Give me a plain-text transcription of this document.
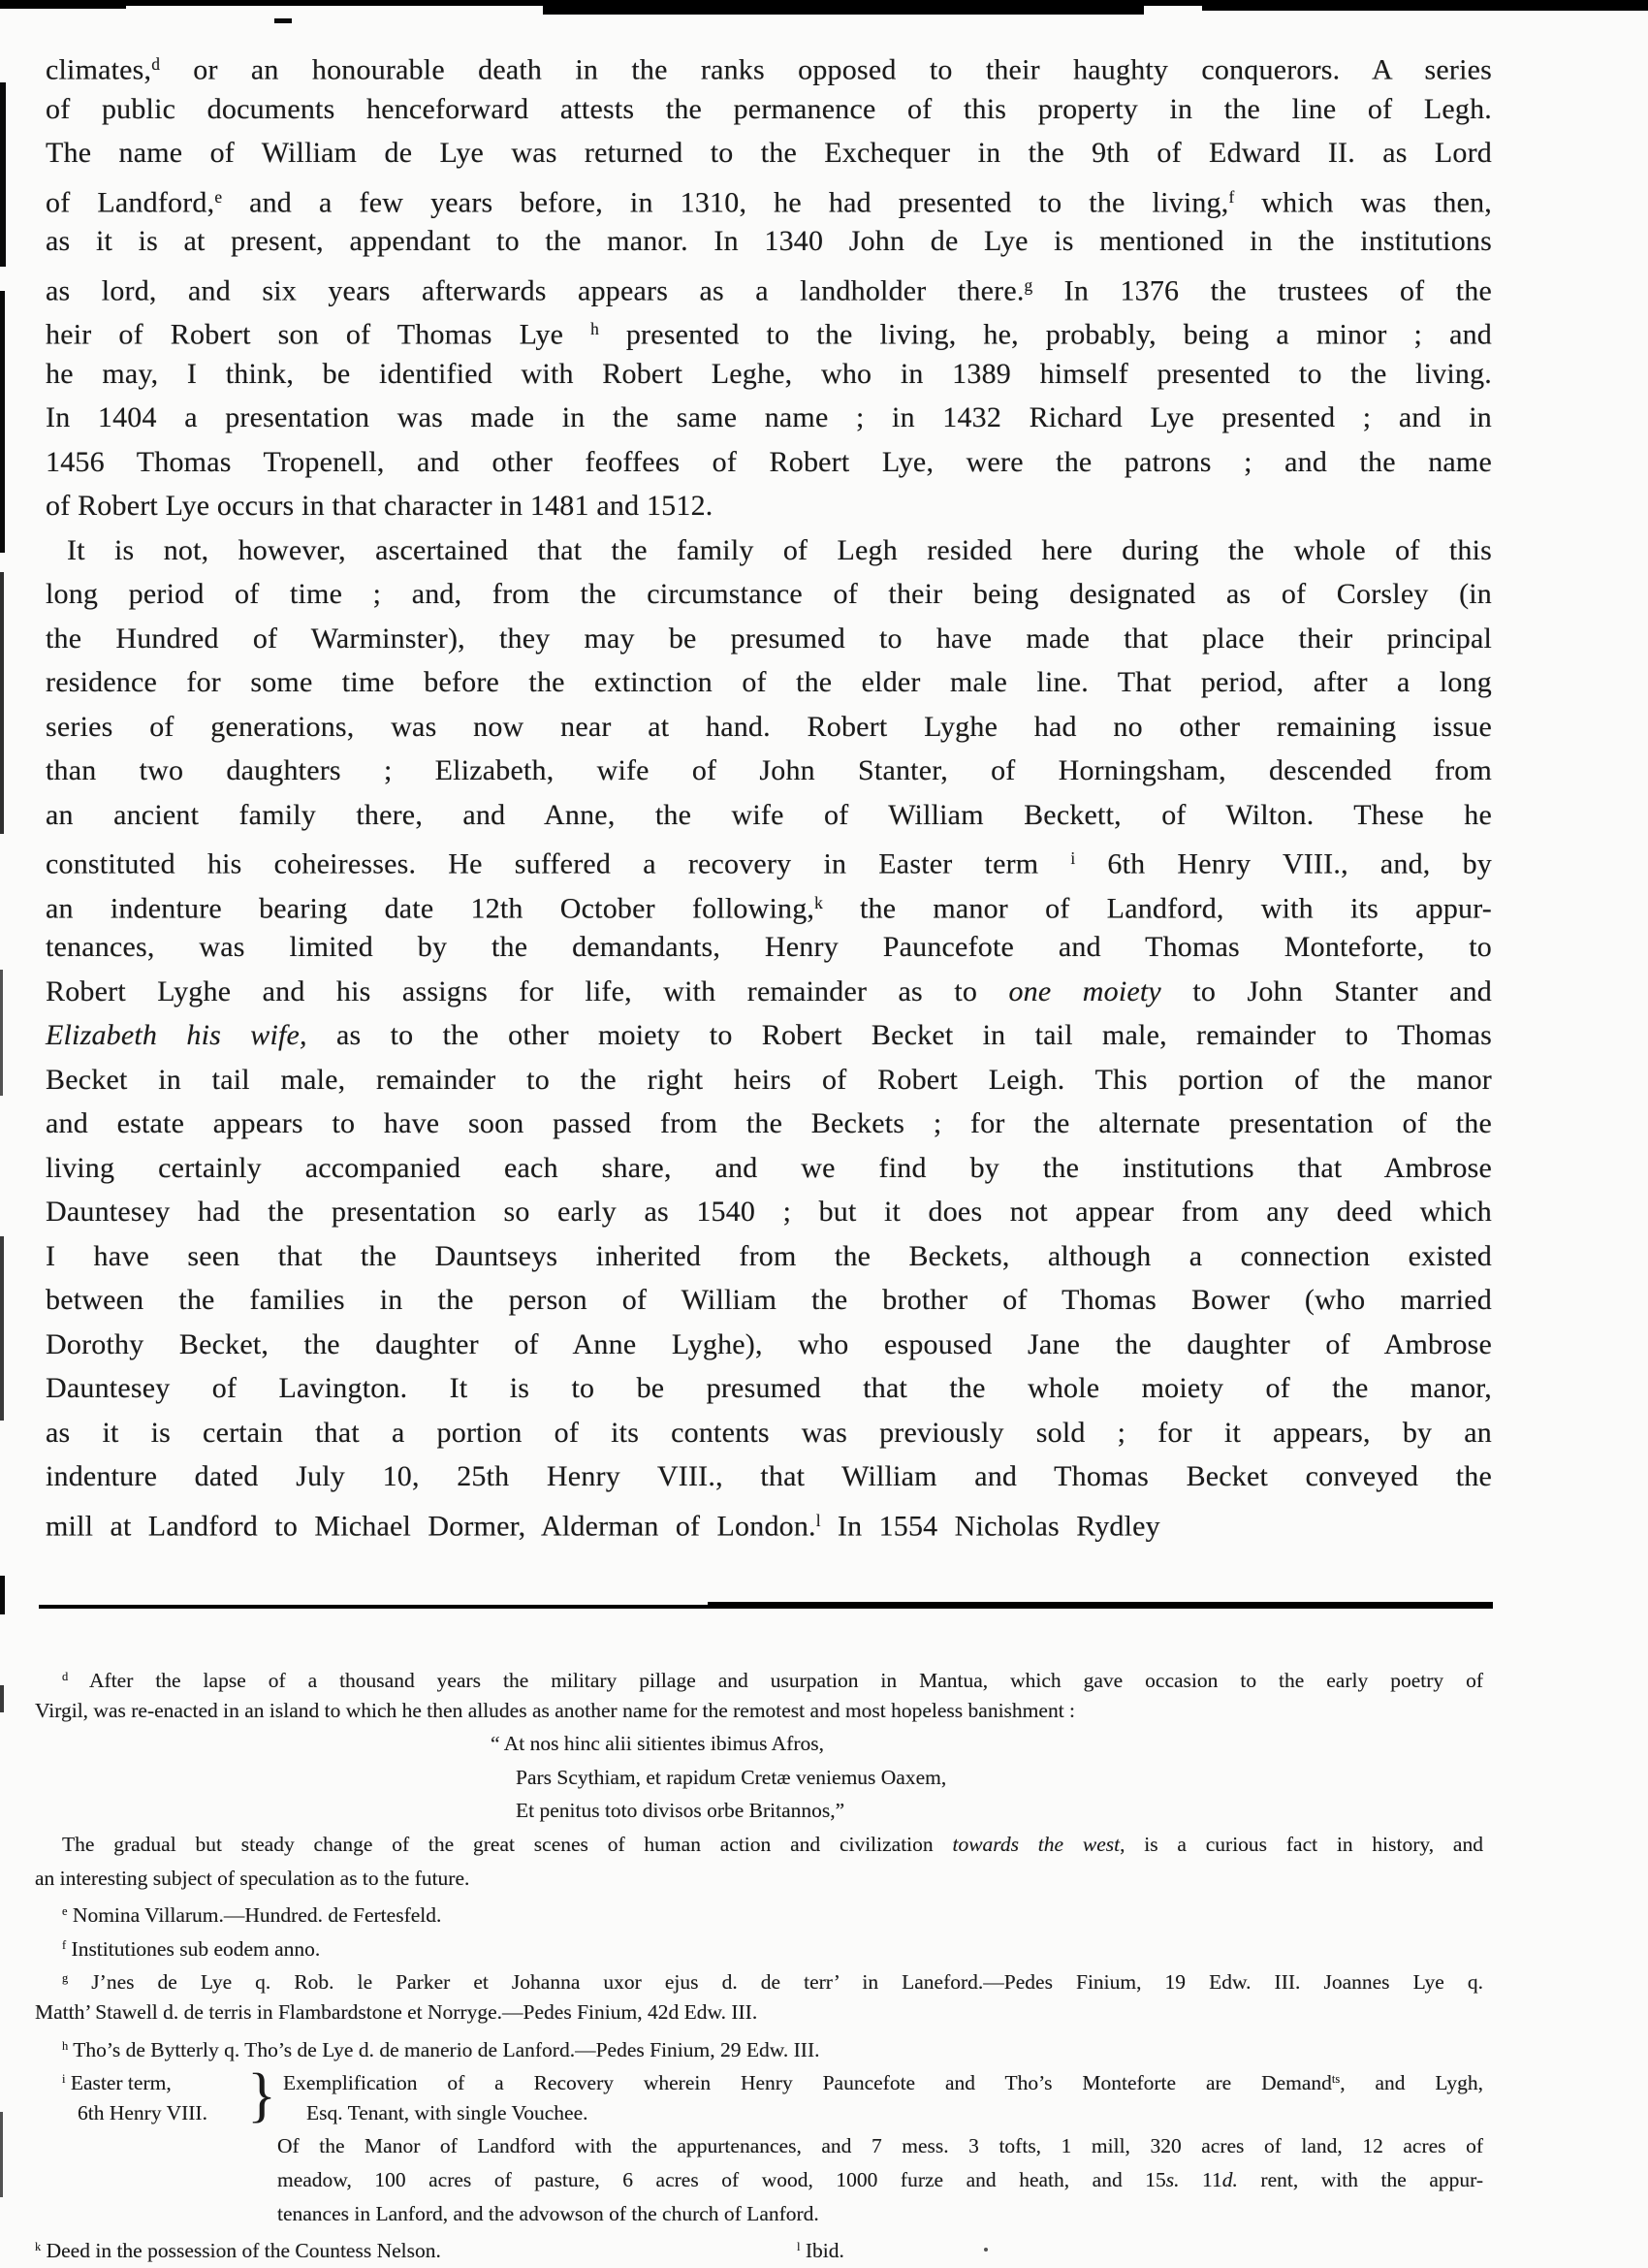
climates,$^d$ or an honourable death in the ranks opposed to their haughty conquerors. A series
of public documents henceforward attests the permanence of this property in the line of Legh.
The name of William de Lye was returned to the Exchequer in the 9th of Edward II. as Lord
of Landford,$^e$ and a few years before, in 1310, he had presented to the living,$^f$ which was then,
as it is at present, appendant to the manor. In 1340 John de Lye is mentioned in the institutions
as lord, and six years afterwards appears as a landholder there.$^g$ In 1376 the trustees of the
heir of Robert son of Thomas Lye $^h$ presented to the living, he, probably, being a minor ; and
he may, I think, be identified with Robert Leghe, who in 1389 himself presented to the living.
In 1404 a presentation was made in the same name ; in 1432 Richard Lye presented ; and in
1456 Thomas Tropenell, and other feoffees of Robert Lye, were the patrons ; and the name
of Robert Lye occurs in that character in 1481 and 1512.
It is not, however, ascertained that the family of Legh resided here during the whole of this
long period of time ; and, from the circumstance of their being designated as of Corsley (in
the Hundred of Warminster), they may be presumed to have made that place their principal
residence for some time before the extinction of the elder male line. That period, after a long
series of generations, was now near at hand. Robert Lyghe had no other remaining issue
than two daughters ; Elizabeth, wife of John Stanter, of Horningsham, descended from
an ancient family there, and Anne, the wife of William Beckett, of Wilton. These he
constituted his coheiresses. He suffered a recovery in Easter term $^i$ 6th Henry VIII., and, by
an indenture bearing date 12th October following,$^k$ the manor of Landford, with its appur-
tenances, was limited by the demandants, Henry Pauncefote and Thomas Monteforte, to
Robert Lyghe and his assigns for life, with remainder as to one moiety to John Stanter and
Elizabeth his wife, as to the other moiety to Robert Becket in tail male, remainder to Thomas
Becket in tail male, remainder to the right heirs of Robert Leigh. This portion of the manor
and estate appears to have soon passed from the Beckets ; for the alternate presentation of the
living certainly accompanied each share, and we find by the institutions that Ambrose
Dauntesey had the presentation so early as 1540 ; but it does not appear from any deed which
I have seen that the Dauntseys inherited from the Beckets, although a connection existed
between the families in the person of William the brother of Thomas Bower (who married
Dorothy Becket, the daughter of Anne Lyghe), who espoused Jane the daughter of Ambrose
Dauntesey of Lavington. It is to be presumed that the whole moiety of the manor,
as it is certain that a portion of its contents was previously sold ; for it appears, by an
indenture dated July 10, 25th Henry VIII., that William and Thomas Becket conveyed the
mill at Landford to Michael Dormer, Alderman of London.$^l$ In 1554 Nicholas Rydley
$^d$ After the lapse of a thousand years the military pillage and usurpation in Mantua, which gave occasion to the early poetry of
Virgil, was re-enacted in an island to which he then alludes as another name for the remotest and most hopeless banishment :
“ At nos hinc alii sitientes ibimus Afros,
Pars Scythiam, et rapidum Cretæ veniemus Oaxem,
Et penitus toto divisos orbe Britannos,”
The gradual but steady change of the great scenes of human action and civilization towards the west, is a curious fact in history, and
an interesting subject of speculation as to the future.
$^e$ Nomina Villarum.—Hundred. de Fertesfeld.
$^f$ Institutiones sub eodem anno.
$^g$ J’nes de Lye q. Rob. le Parker et Johanna uxor ejus d. de terr’ in Laneford.—Pedes Finium, 19 Edw. III. Joannes Lye q.
Matth’ Stawell d. de terris in Flambardstone et Norryge.—Pedes Finium, 42d Edw. III.
$^h$ Tho’s de Bytterly q. Tho’s de Lye d. de manerio de Lanford.—Pedes Finium, 29 Edw. III.
$^i$ Easter term,
6th Henry VIII. } Exemplification of a Recovery wherein Henry Pauncefote and Tho’s Monteforte are Demand$^{ts}$, and Lygh,
Esq. Tenant, with single Vouchee.
Of the Manor of Landford with the appurtenances, and 7 mess. 3 tofts, 1 mill, 320 acres of land, 12 acres of
meadow, 100 acres of pasture, 6 acres of wood, 1000 furze and heath, and 15s. 11d. rent, with the appur-
tenances in Lanford, and the advowson of the church of Lanford.
$^k$ Deed in the possession of the Countess Nelson.	$^l$ Ibid.
